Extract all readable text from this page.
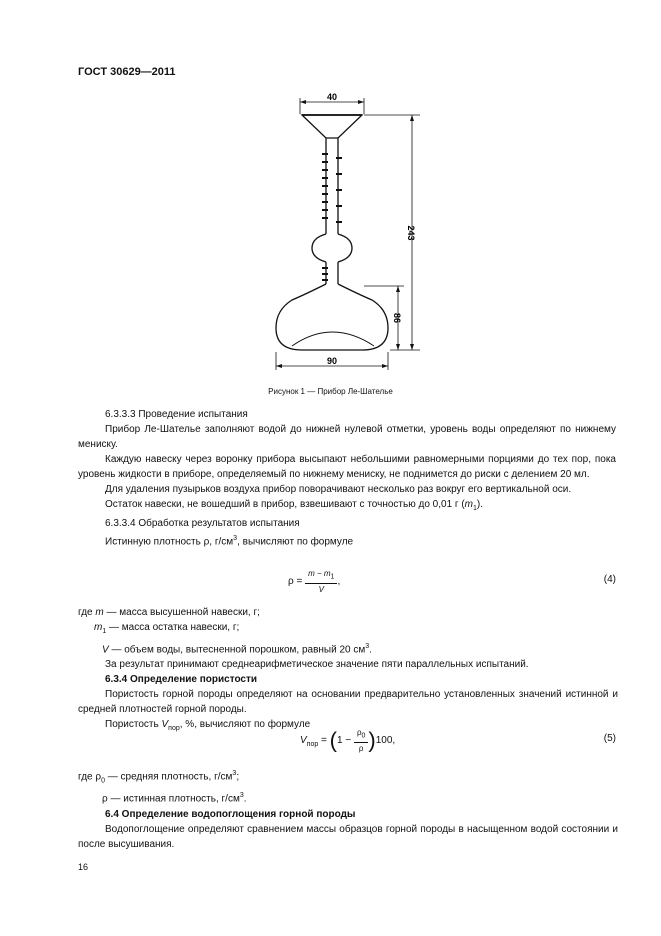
ГОСТ 30629—2011
40
90
243
86
Рисунок 1 — Прибор Ле-Шателье

6.3.3.3 Проведение испытания

Прибор Ле-Шателье заполняют водой до нижней нулевой отметки, уровень воды определяют по нижнему мениску.

Каждую навеску через воронку прибора высыпают небольшими равномерными порциями до тех пор, пока уровень жидкости в приборе, определяемый по нижнему мениску, не поднимется до риски с делением 20 мл.

Для удаления пузырьков воздуха прибор поворачивают несколько раз вокруг его вертикальной оси.

Остаток навески, не вошедший в прибор, взвешивают с точностью до 0,01 г $(m_1)$.

6.3.3.4 Обработка результатов испытания

Истинную плотность ρ, $г/см^3$, вычисляют по формуле

$\rho = \frac{m - m_1}{V}$ ,	(4)

где m — масса высушенной навески, г;

$m_1$ — масса остатка навески, г;

V — объем воды, вытесненной порошком, равный 20 $см^3$.

За результат принимают среднеарифметическое значение пяти параллельных испытаний.

6.3.4 Определение пористости

Пористость горной породы определяют на основании предварительно установленных значений истинной и средней плотностей горной породы.

Пористость $V_{пор}$, %, вычисляют по формуле

$V_{пор} = (1 - \frac{\rho_0}{\rho} )100$,	(5)

где $\rho_0$ — средняя плотность, $г/см^3$;

ρ — истинная плотность, $г/см^3$.

6.4 Определение водопоглощения горной породы

Водопоглощение определяют сравнением массы образцов горной породы в насыщенном водой состоянии и после высушивания.

16
